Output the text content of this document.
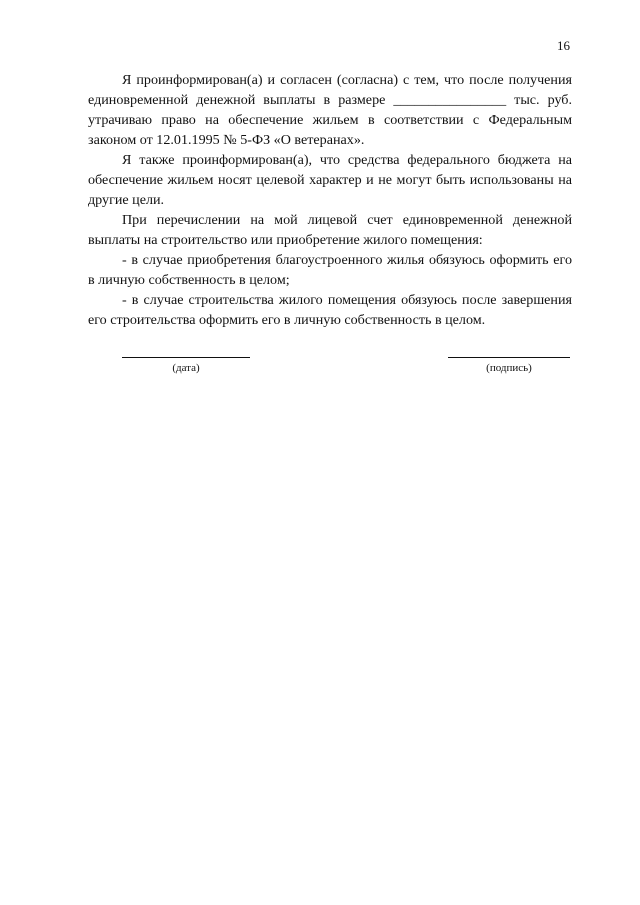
16

Я проинформирован(а) и согласен (согласна) с тем, что после получения единовременной денежной выплаты в размере ________________ тыс. руб. утрачиваю право на обеспечение жильем в соответствии с Федеральным законом от 12.01.1995 № 5-ФЗ «О ветеранах».

Я также проинформирован(а), что средства федерального бюджета на обеспечение жильем носят целевой характер и не могут быть использованы на другие цели.

При перечислении на мой лицевой счет единовременной денежной выплаты на строительство или приобретение жилого помещения:

- в случае приобретения благоустроенного жилья обязуюсь оформить его в личную собственность в целом;

- в случае строительства жилого помещения обязуюсь после завершения его строительства оформить его в личную собственность в целом.

(дата)	(подпись)
